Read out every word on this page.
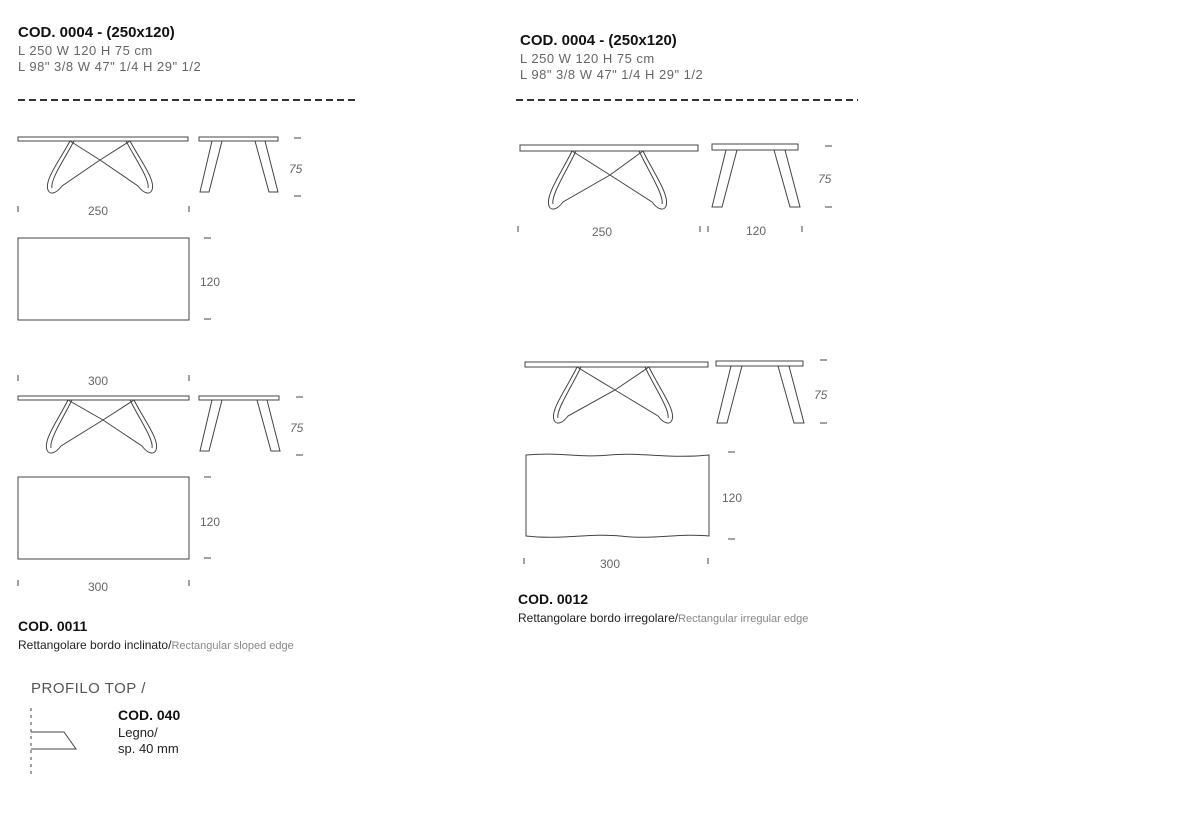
COD. 0004 - (250x120)
L 250 W 120 H 75 cm
L 98" 3/8 W 47" 1/4 H 29" 1/2
COD. 0004 - (250x120)
L 250 W 120 H 75 cm
L 98" 3/8 W 47" 1/4 H 29" 1/2
75
250
120
300
75
120
300
75
250	120
75
120
300
COD. 0011
Rettangolare bordo inclinato/Rectangular sloped edge
COD. 0012
Rettangolare bordo irregolare/Rectangular irregular edge
PROFILO TOP /
COD. 040
Legno/
sp. 40 mm
